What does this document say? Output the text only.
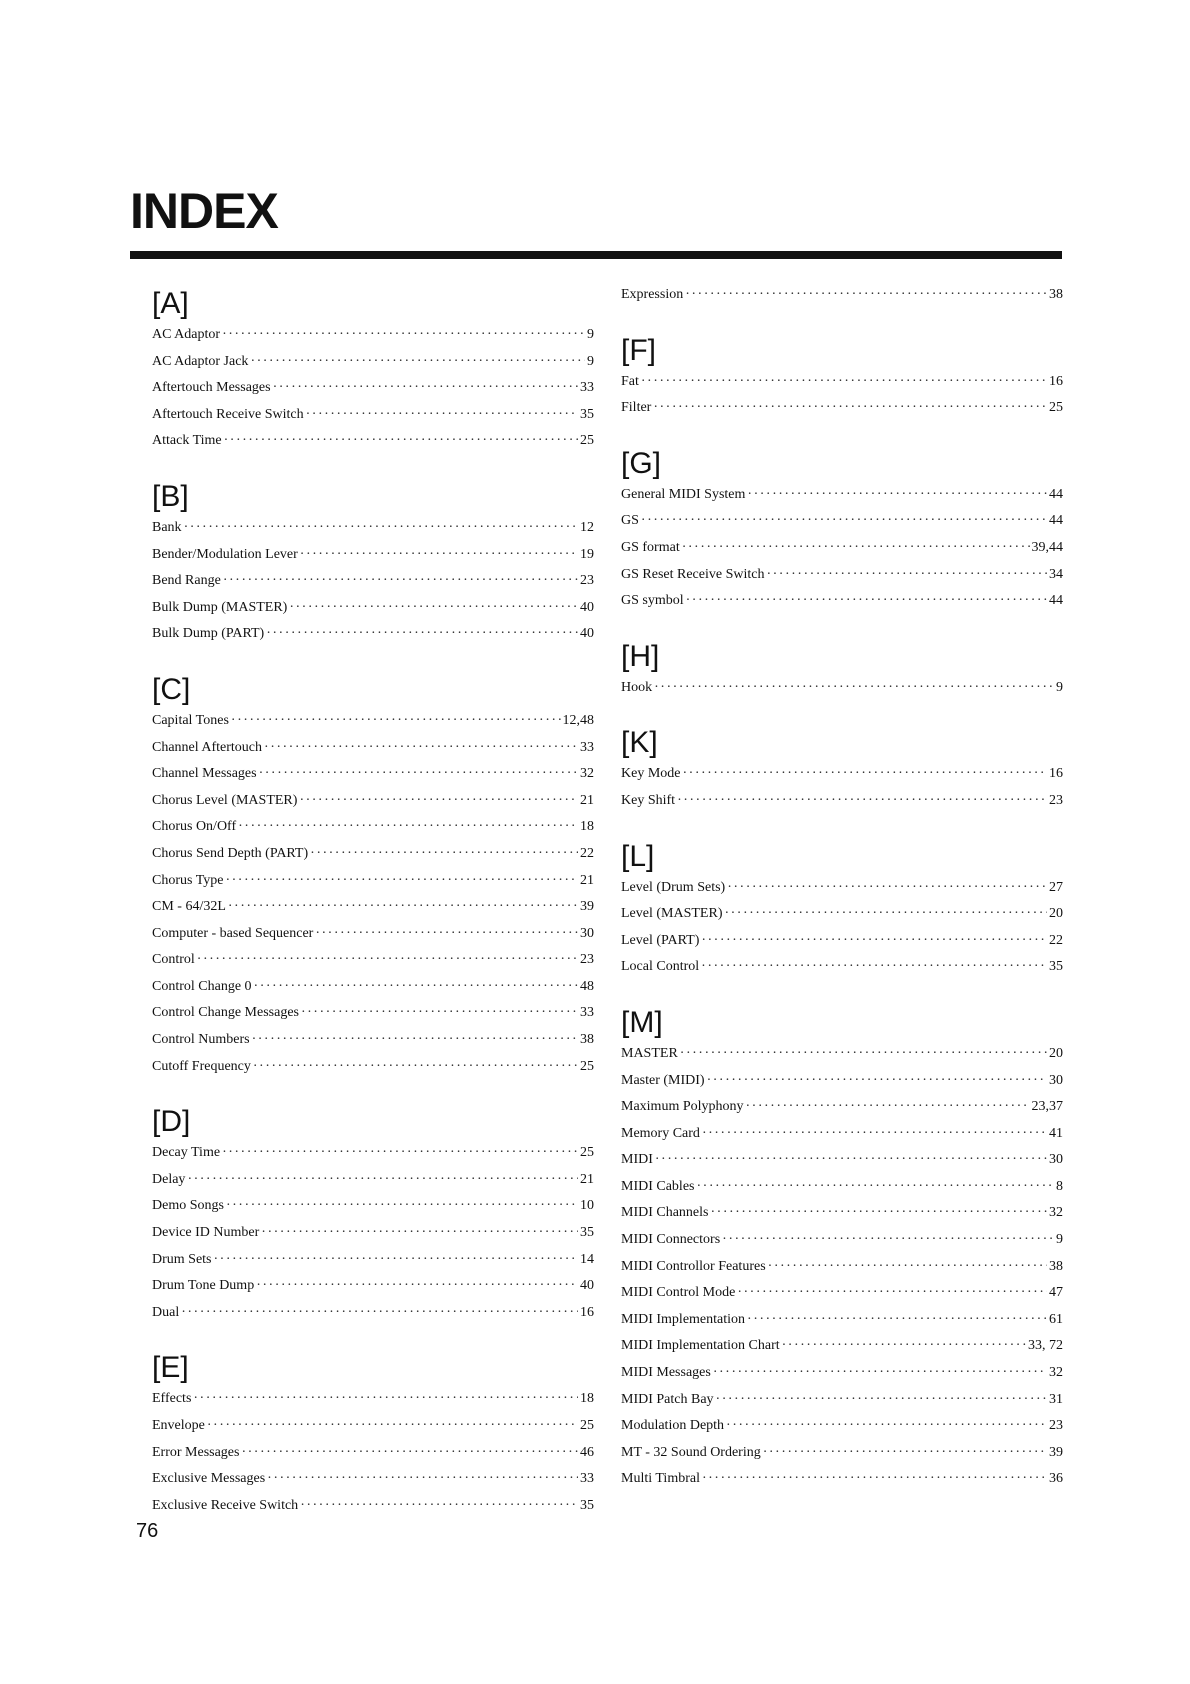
INDEX
[A]
AC Adaptor ·····	9
AC Adaptor Jack ·····	9
Aftertouch Messages ·····	33
Aftertouch Receive Switch ·····	35
Attack Time ·····	25
[B]
Bank ·····	12
Bender/Modulation Lever ·····	19
Bend Range ·····	23
Bulk Dump (MASTER) ·····	40
Bulk Dump (PART) ·····	40
[C]
Capital Tones ·····	12,48
Channel Aftertouch ·····	33
Channel Messages ·····	32
Chorus Level (MASTER) ·····	21
Chorus On/Off ·····	18
Chorus Send Depth (PART) ·····	22
Chorus Type ·····	21
CM - 64/32L ·····	39
Computer - based Sequencer ·····	30
Control ·····	23
Control Change 0 ·····	48
Control Change Messages ·····	33
Control Numbers ·····	38
Cutoff Frequency ·····	25
[D]
Decay Time ·····	25
Delay ·····	21
Demo Songs ·····	10
Device ID Number ·····	35
Drum Sets ·····	14
Drum Tone Dump ·····	40
Dual ·····	16
[E]
Effects ·····	18
Envelope ·····	25
Error Messages ·····	46
Exclusive Messages ·····	33
Exclusive Receive Switch ·····	35
Expression ·····	38
[F]
Fat ·····	16
Filter ·····	25
[G]
General MIDI System ·····	44
GS ·····	44
GS format ·····	39,44
GS Reset Receive Switch ·····	34
GS symbol ·····	44
[H]
Hook ·····	9
[K]
Key Mode ·····	16
Key Shift ·····	23
[L]
Level (Drum Sets) ·····	27
Level (MASTER) ·····	20
Level (PART) ·····	22
Local Control ·····	35
[M]
MASTER ·····	20
Master (MIDI) ·····	30
Maximum Polyphony ·····	23,37
Memory Card ·····	41
MIDI ·····	30
MIDI Cables ·····	8
MIDI Channels ·····	32
MIDI Connectors ·····	9
MIDI Controllor Features ·····	38
MIDI Control Mode ·····	47
MIDI Implementation ·····	61
MIDI Implementation Chart ·····	33, 72
MIDI Messages ·····	32
MIDI Patch Bay ·····	31
Modulation Depth ·····	23
MT - 32 Sound Ordering ·····	39
Multi Timbral ·····	36
76
